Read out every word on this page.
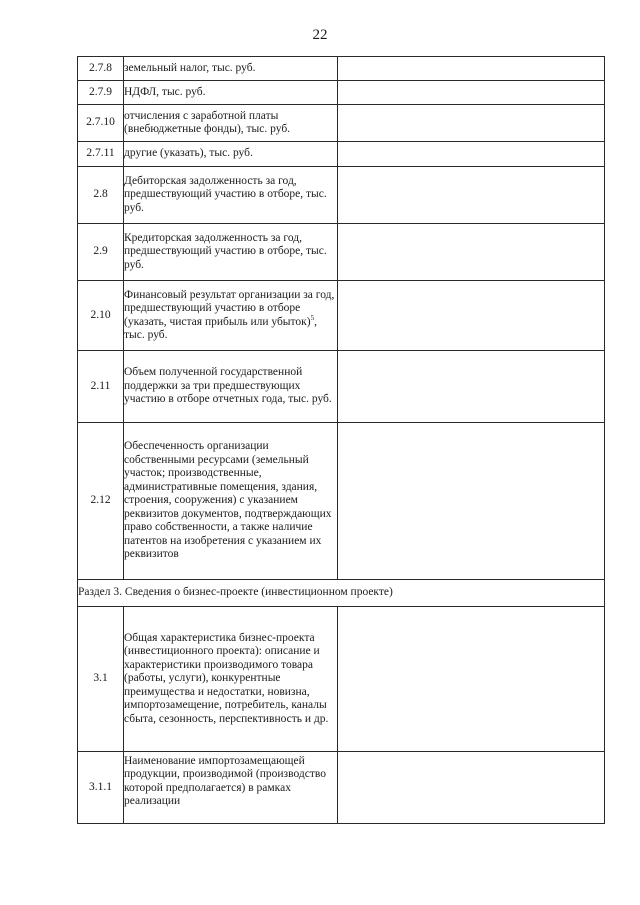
22
2.7.8	земельный налог, тыс. руб.	
2.7.9	НДФЛ, тыс. руб.	
2.7.10	отчисления с заработной платы (внебюджетные фонды), тыс. руб.	
2.7.11	другие (указать), тыс. руб.	
2.8	Дебиторская задолженность за год, предшествующий участию в отборе, тыс. руб.	
2.9	Кредиторская задолженность за год, предшествующий участию в отборе, тыс. руб.	
2.10	Финансовый результат организации за год, предшествующий участию в отборе (указать, чистая прибыль или убыток)$^5$, тыс. руб.	
2.11	Объем полученной государственной поддержки за три предшествующих участию в отборе отчетных года, тыс. руб.	
2.12	Обеспеченность организации собственными ресурсами (земельный участок; производственные, административные помещения, здания, строения, сооружения) с указанием реквизитов документов, подтверждающих право собственности, а также наличие патентов на изобретения с указанием их реквизитов	
Раздел 3. Сведения о бизнес-проекте (инвестиционном проекте)		
3.1	Общая характеристика бизнес-проекта (инвестиционного проекта): описание и характеристики производимого товара (работы, услуги), конкурентные преимущества и недостатки, новизна, импортозамещение, потребитель, каналы сбыта, сезонность, перспективность и др.	
3.1.1	Наименование импортозамещающей продукции, производимой (производство которой предполагается) в рамках реализации	
